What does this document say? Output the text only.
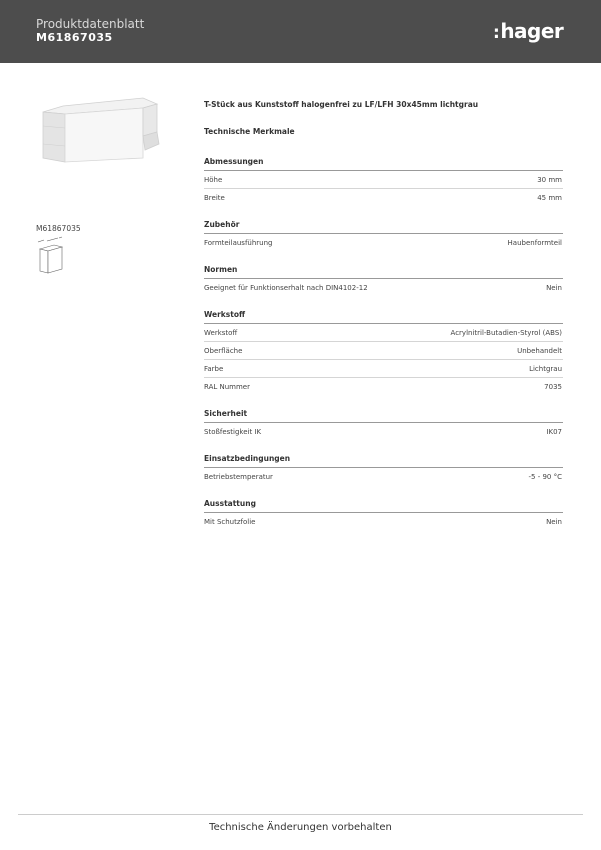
Produktdatenblatt
M61867035	:hager
M61867035
T-Stück aus Kunststoff halogenfrei zu LF/LFH 30x45mm lichtgrau
Technische Merkmale
Abmessungen
Höhe	30 mm
Breite	45 mm
Zubehör
Formteilausführung	Haubenformteil
Normen
Geeignet für Funktionserhalt nach DIN4102-12	Nein
Werkstoff
Werkstoff	Acrylnitril-Butadien-Styrol (ABS)
Oberfläche	Unbehandelt
Farbe	Lichtgrau
RAL Nummer	7035
Sicherheit
Stoßfestigkeit IK	IK07
Einsatzbedingungen
Betriebstemperatur	-5 - 90 °C
Ausstattung
Mit Schutzfolie	Nein
Technische Änderungen vorbehalten
